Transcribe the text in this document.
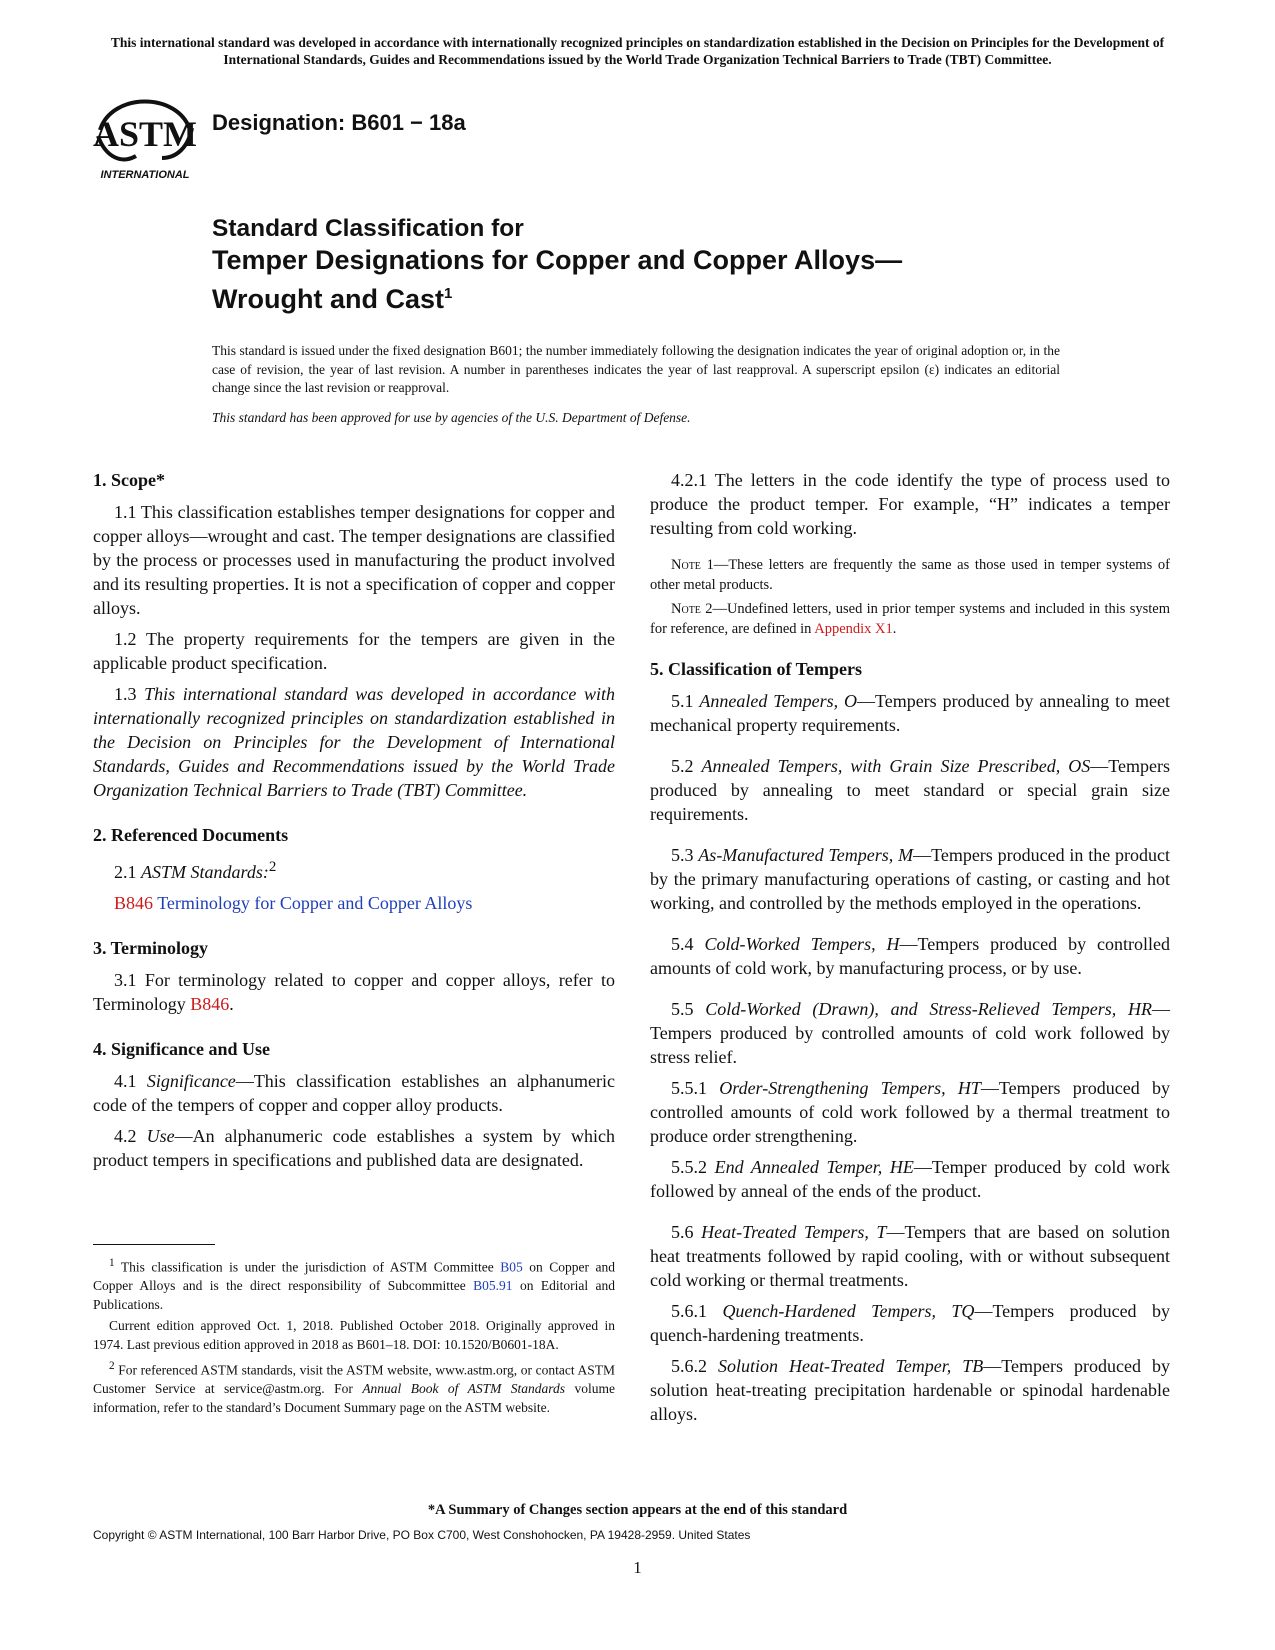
This international standard was developed in accordance with internationally recognized principles on standardization established in the Decision on Principles for the Development of International Standards, Guides and Recommendations issued by the World Trade Organization Technical Barriers to Trade (TBT) Committee.
ASTM
INTERNATIONAL
Designation: B601 − 18a
Standard Classification for
Temper Designations for Copper and Copper Alloys—
Wrought and Cast$^1$
This standard is issued under the fixed designation B601; the number immediately following the designation indicates the year of original adoption or, in the case of revision, the year of last revision. A number in parentheses indicates the year of last reapproval. A superscript epsilon (ε) indicates an editorial change since the last revision or reapproval.
This standard has been approved for use by agencies of the U.S. Department of Defense.
1. Scope*

1.1 This classification establishes temper designations for copper and copper alloys—wrought and cast. The temper designations are classified by the process or processes used in manufacturing the product involved and its resulting properties. It is not a specification of copper and copper alloys.

1.2 The property requirements for the tempers are given in the applicable product specification.

1.3 This international standard was developed in accordance with internationally recognized principles on standardization established in the Decision on Principles for the Development of International Standards, Guides and Recommendations issued by the World Trade Organization Technical Barriers to Trade (TBT) Committee.

2. Referenced Documents

2.1 ASTM Standards:$^2$

B846 Terminology for Copper and Copper Alloys

3. Terminology

3.1 For terminology related to copper and copper alloys, refer to Terminology B846.

4. Significance and Use

4.1 Significance—This classification establishes an alphanumeric code of the tempers of copper and copper alloy products.

4.2 Use—An alphanumeric code establishes a system by which product tempers in specifications and published data are designated.

4.2.1 The letters in the code identify the type of process used to produce the product temper. For example, “H” indicates a temper resulting from cold working.

Note 1—These letters are frequently the same as those used in temper systems of other metal products.

Note 2—Undefined letters, used in prior temper systems and included in this system for reference, are defined in Appendix X1.

5. Classification of Tempers

5.1 Annealed Tempers, O—Tempers produced by annealing to meet mechanical property requirements.

5.2 Annealed Tempers, with Grain Size Prescribed, OS—Tempers produced by annealing to meet standard or special grain size requirements.

5.3 As-Manufactured Tempers, M—Tempers produced in the product by the primary manufacturing operations of casting, or casting and hot working, and controlled by the methods employed in the operations.

5.4 Cold-Worked Tempers, H—Tempers produced by controlled amounts of cold work, by manufacturing process, or by use.

5.5 Cold-Worked (Drawn), and Stress-Relieved Tempers, HR—Tempers produced by controlled amounts of cold work followed by stress relief.

5.5.1 Order-Strengthening Tempers, HT—Tempers produced by controlled amounts of cold work followed by a thermal treatment to produce order strengthening.

5.5.2 End Annealed Temper, HE—Temper produced by cold work followed by anneal of the ends of the product.

5.6 Heat-Treated Tempers, T—Tempers that are based on solution heat treatments followed by rapid cooling, with or without subsequent cold working or thermal treatments.

5.6.1 Quench-Hardened Tempers, TQ—Tempers produced by quench-hardening treatments.

5.6.2 Solution Heat-Treated Temper, TB—Tempers produced by solution heat-treating precipitation hardenable or spinodal hardenable alloys.

$^1$ This classification is under the jurisdiction of ASTM Committee B05 on Copper and Copper Alloys and is the direct responsibility of Subcommittee B05.91 on Editorial and Publications.

Current edition approved Oct. 1, 2018. Published October 2018. Originally approved in 1974. Last previous edition approved in 2018 as B601–18. DOI: 10.1520/B0601-18A.

$^2$ For referenced ASTM standards, visit the ASTM website, www.astm.org, or contact ASTM Customer Service at service@astm.org. For Annual Book of ASTM Standards volume information, refer to the standard’s Document Summary page on the ASTM website.

*A Summary of Changes section appears at the end of this standard
Copyright © ASTM International, 100 Barr Harbor Drive, PO Box C700, West Conshohocken, PA 19428-2959. United States
1
